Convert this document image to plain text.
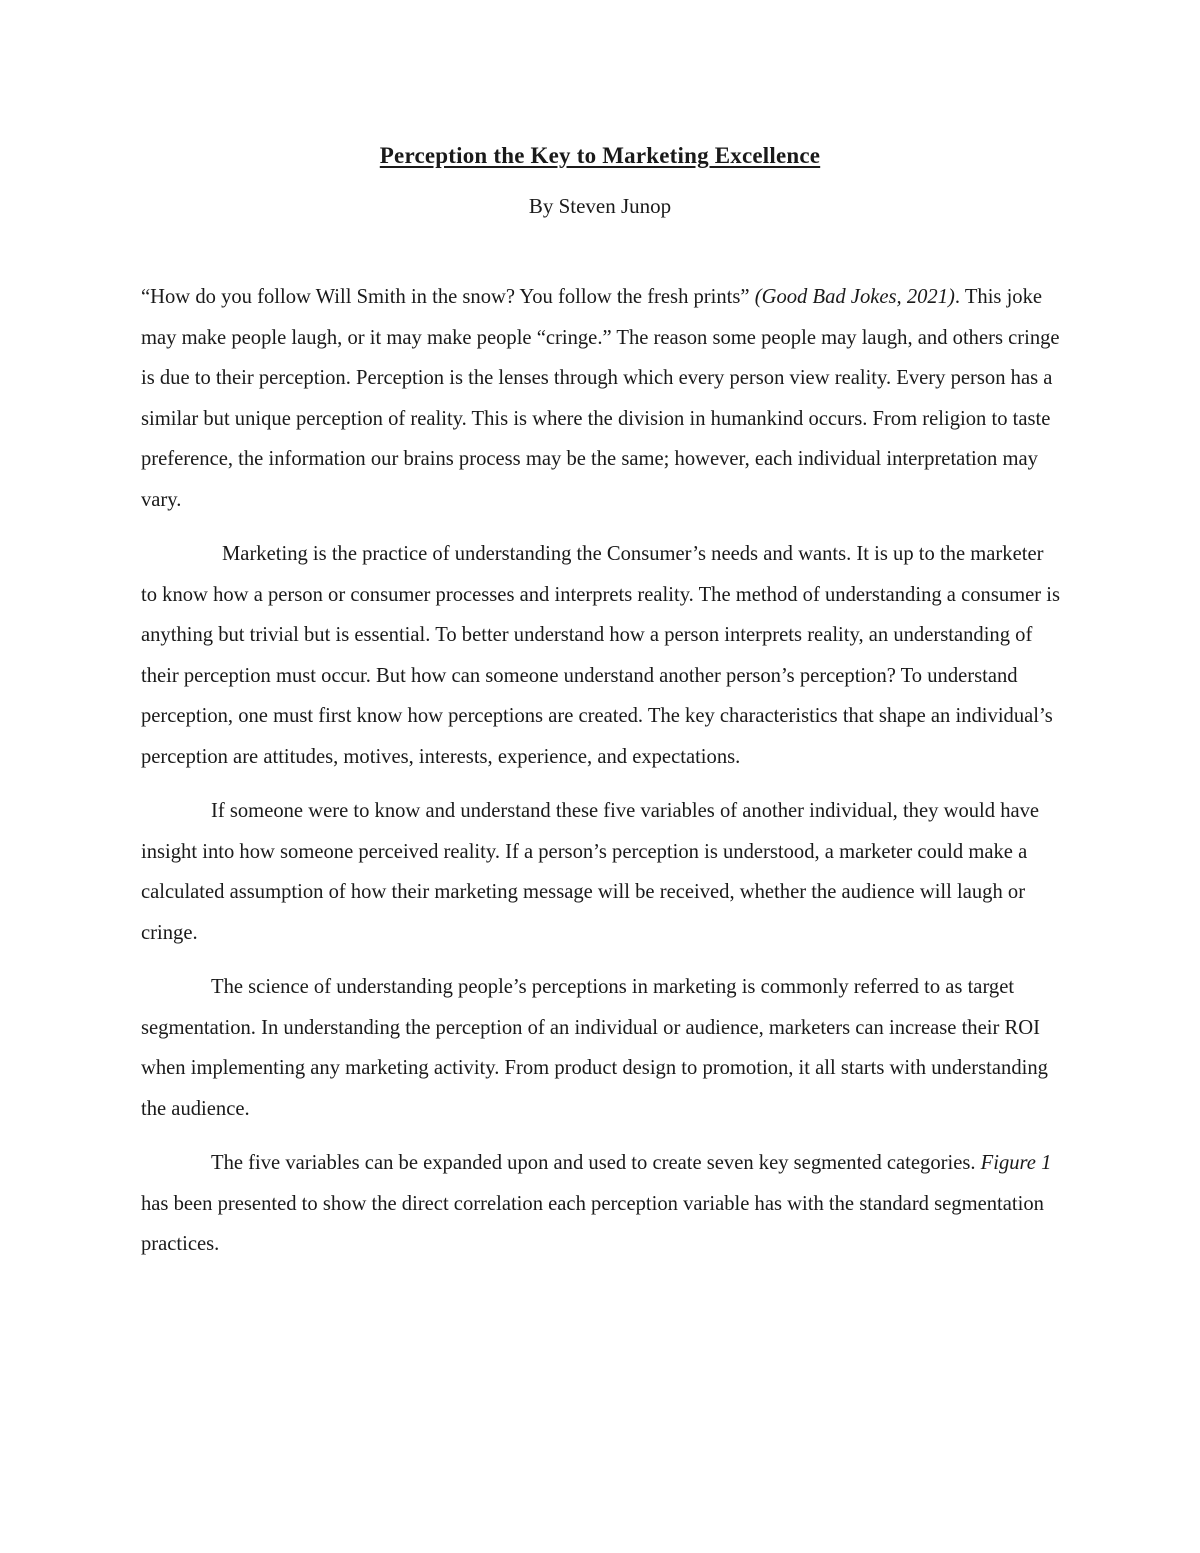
Perception the Key to Marketing Excellence
By Steven Junop

“How do you follow Will Smith in the snow? You follow the fresh prints” (Good Bad Jokes, 2021). This joke may make people laugh, or it may make people “cringe.” The reason some people may laugh, and others cringe is due to their perception. Perception is the lenses through which every person view reality. Every person has a similar but unique perception of reality. This is where the division in humankind occurs. From religion to taste preference, the information our brains process may be the same; however, each individual interpretation may vary.

Marketing is the practice of understanding the Consumer’s needs and wants. It is up to the marketer to know how a person or consumer processes and interprets reality. The method of understanding a consumer is anything but trivial but is essential. To better understand how a person interprets reality, an understanding of their perception must occur. But how can someone understand another person’s perception? To understand perception, one must first know how perceptions are created. The key characteristics that shape an individual’s perception are attitudes, motives, interests, experience, and expectations.

If someone were to know and understand these five variables of another individual, they would have insight into how someone perceived reality. If a person’s perception is understood, a marketer could make a calculated assumption of how their marketing message will be received, whether the audience will laugh or cringe.

The science of understanding people’s perceptions in marketing is commonly referred to as target segmentation. In understanding the perception of an individual or audience, marketers can increase their ROI when implementing any marketing activity. From product design to promotion, it all starts with understanding the audience.

The five variables can be expanded upon and used to create seven key segmented categories. Figure 1 has been presented to show the direct correlation each perception variable has with the standard segmentation practices.
